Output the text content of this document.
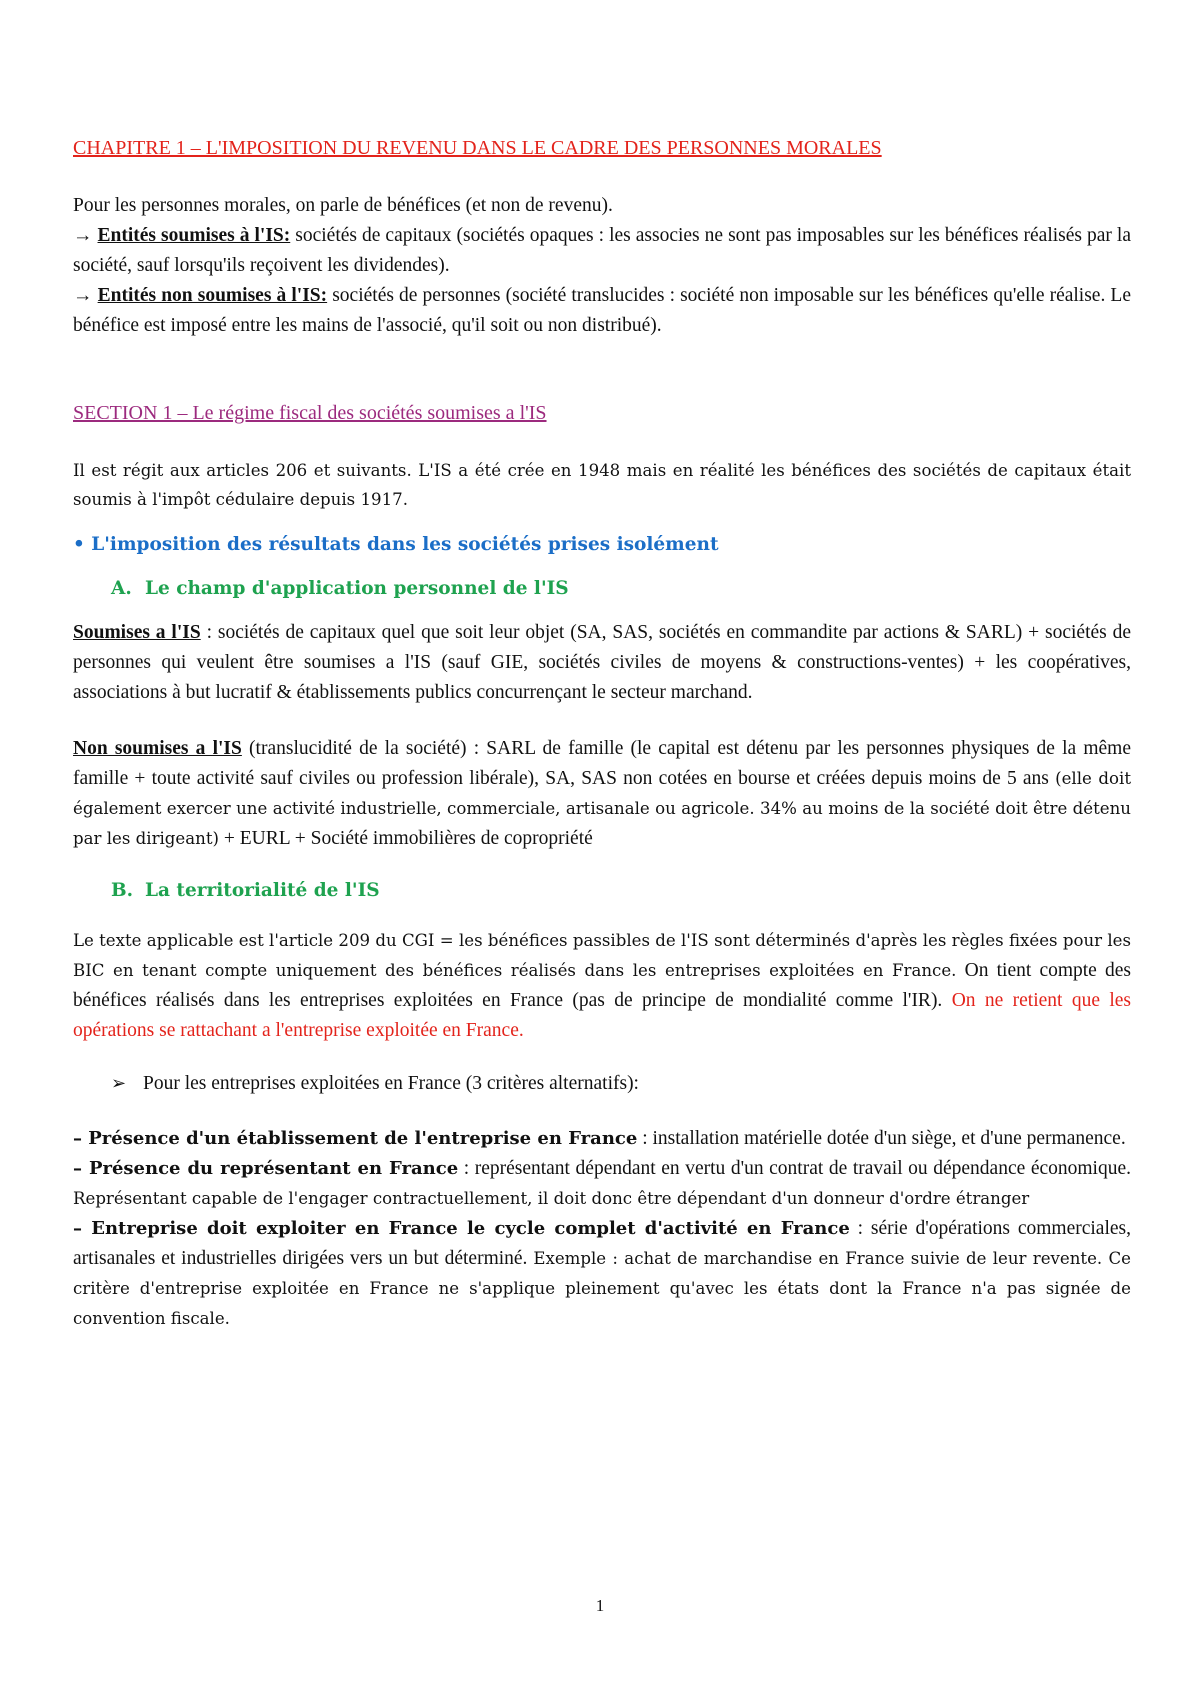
CHAPITRE 1 – L'IMPOSITION DU REVENU DANS LE CADRE DES PERSONNES MORALES

Pour les personnes morales, on parle de bénéfices (et non de revenu).

→ Entités soumises à l'IS: sociétés de capitaux (sociétés opaques : les associes ne sont pas imposables sur les bénéfices réalisés par la société, sauf lorsqu'ils reçoivent les dividendes).

→ Entités non soumises à l'IS: sociétés de personnes (société translucides : société non imposable sur les bénéfices qu'elle réalise. Le bénéfice est imposé entre les mains de l'associé, qu'il soit ou non distribué).

SECTION 1 – Le régime fiscal des sociétés soumises a l'IS

Il est régit aux articles 206 et suivants. L'IS a été crée en 1948 mais en réalité les bénéfices des sociétés de capitaux était soumis à l'impôt cédulaire depuis 1917.

• L'imposition des résultats dans les sociétés prises isolément

A. Le champ d'application personnel de l'IS

Soumises a l'IS : sociétés de capitaux quel que soit leur objet (SA, SAS, sociétés en commandite par actions & SARL) + sociétés de personnes qui veulent être soumises a l'IS (sauf GIE, sociétés civiles de moyens & constructions-ventes) + les coopératives, associations à but lucratif & établissements publics concurrençant le secteur marchand.

Non soumises a l'IS (translucidité de la société) : SARL de famille (le capital est détenu par les personnes physiques de la même famille + toute activité sauf civiles ou profession libérale), SA, SAS non cotées en bourse et créées depuis moins de 5 ans (elle doit également exercer une activité industrielle, commerciale, artisanale ou agricole. 34% au moins de la société doit être détenu par les dirigeant) + EURL + Société immobilières de copropriété

B. La territorialité de l'IS

Le texte applicable est l'article 209 du CGI = les bénéfices passibles de l'IS sont déterminés d'après les règles fixées pour les BIC en tenant compte uniquement des bénéfices réalisés dans les entreprises exploitées en France. On tient compte des bénéfices réalisés dans les entreprises exploitées en France (pas de principe de mondialité comme l'IR). On ne retient que les opérations se rattachant a l'entreprise exploitée en France.

➢ Pour les entreprises exploitées en France (3 critères alternatifs):

– Présence d'un établissement de l'entreprise en France : installation matérielle dotée d'un siège, et d'une permanence.

– Présence du représentant en France : représentant dépendant en vertu d'un contrat de travail ou dépendance économique. Représentant capable de l'engager contractuellement, il doit donc être dépendant d'un donneur d'ordre étranger

– Entreprise doit exploiter en France le cycle complet d'activité en France : série d'opérations commerciales, artisanales et industrielles dirigées vers un but déterminé. Exemple : achat de marchandise en France suivie de leur revente. Ce critère d'entreprise exploitée en France ne s'applique pleinement qu'avec les états dont la France n'a pas signée de convention fiscale.

1
